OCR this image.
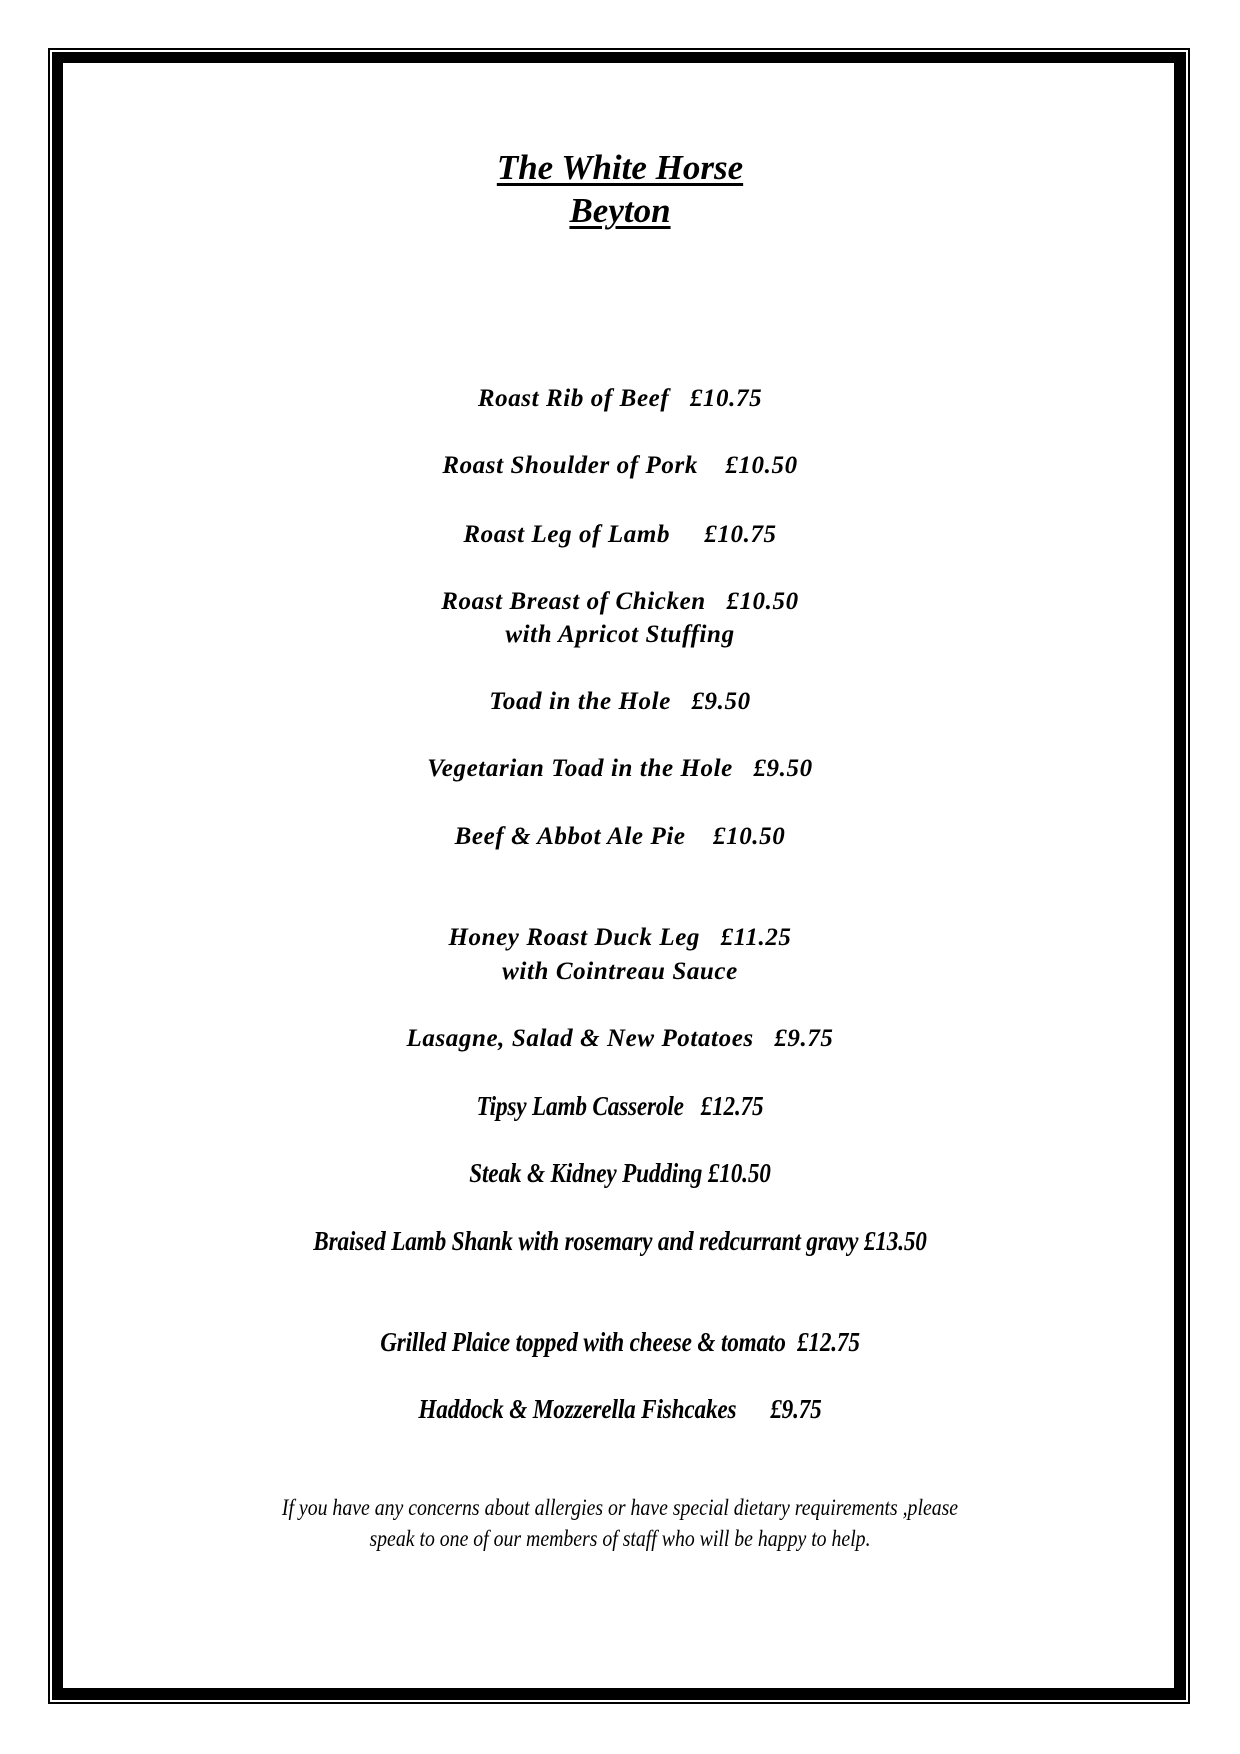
The White Horse
Beyton
Roast Rib of Beef   £10.75
Roast Shoulder of Pork    £10.50
Roast Leg of Lamb     £10.75
Roast Breast of Chicken   £10.50
with Apricot Stuffing
Toad in the Hole   £9.50
Vegetarian Toad in the Hole   £9.50
Beef & Abbot Ale Pie    £10.50
Honey Roast Duck Leg   £11.25
with Cointreau Sauce
Lasagne, Salad & New Potatoes   £9.75
Tipsy Lamb Casserole   £12.75
Steak & Kidney Pudding £10.50
Braised Lamb Shank with rosemary and redcurrant gravy £13.50
Grilled Plaice topped with cheese & tomato  £12.75
Haddock & Mozzerella Fishcakes      £9.75
If you have any concerns about allergies or have special dietary requirements ,please
speak to one of our members of staff who will be happy to help.
